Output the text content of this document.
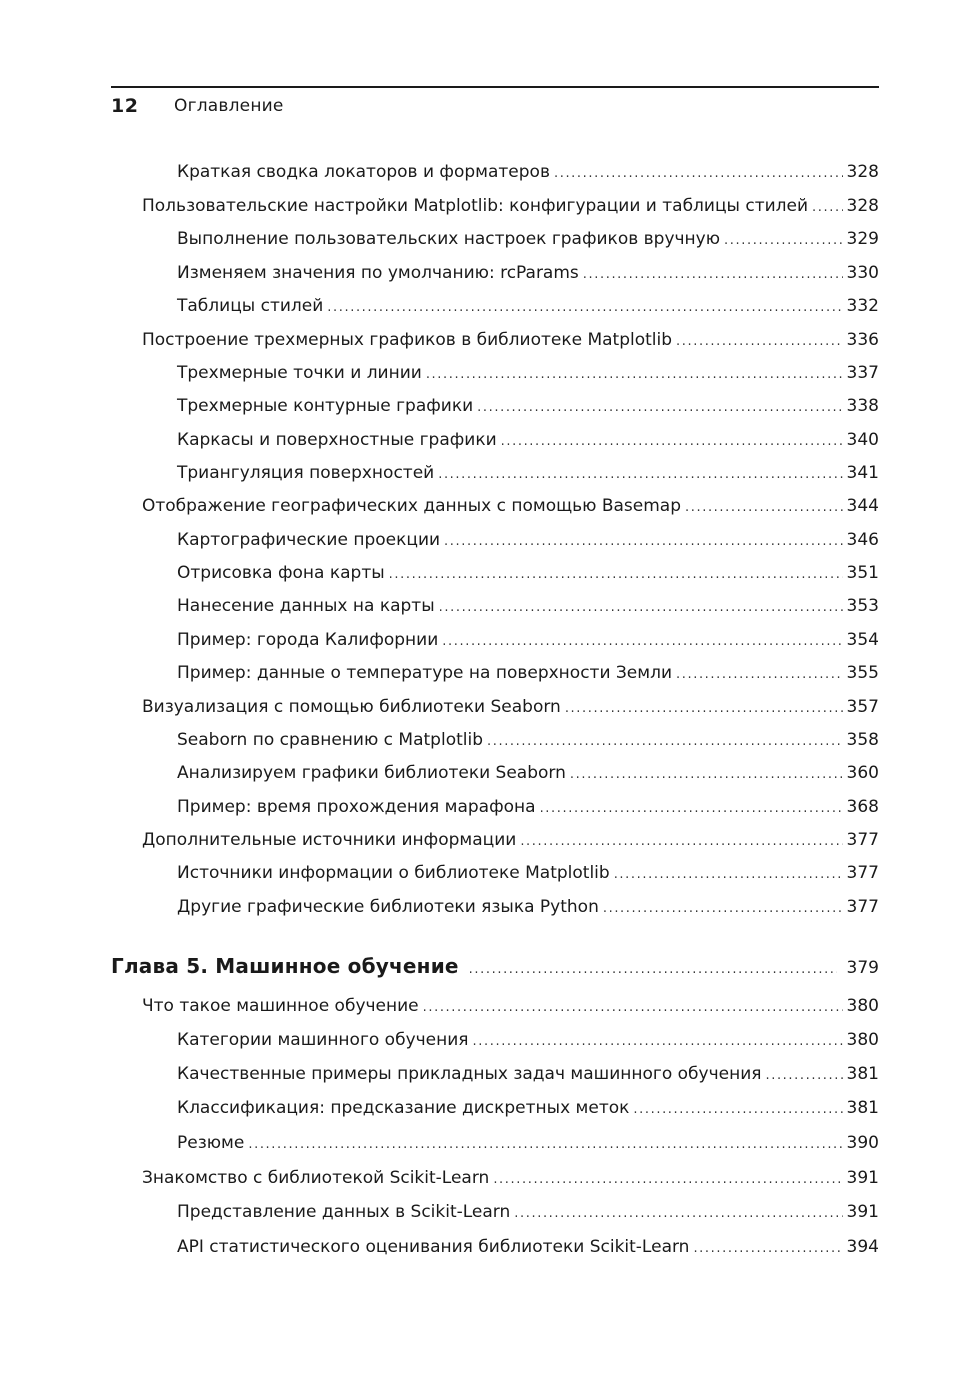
12 Оглавление
Краткая сводка локаторов и форматеров .....	328
Пользовательские настройки Matplotlib: конфигурации и таблицы стилей ..... 328
Выполнение пользовательских настроек графиков вручную .....	329
Изменяем значения по умолчанию: rcParams .....	330
Таблицы стилей .....	332
Построение трехмерных графиков в библиотеке Matplotlib .....	336
Трехмерные точки и линии .....	337
Трехмерные контурные графики .....	338
Каркасы и поверхностные графики .....	340
Триангуляция поверхностей .....	341
Отображение географических данных с помощью Basemap .....	344
Картографические проекции .....	346
Отрисовка фона карты .....	351
Нанесение данных на карты .....	353
Пример: города Калифорнии .....	354
Пример: данные о температуре на поверхности Земли .....	355
Визуализация с помощью библиотеки Seaborn .....	357
Seaborn по сравнению с Matplotlib .....	358
Анализируем графики библиотеки Seaborn .....	360
Пример: время прохождения марафона .....	368
Дополнительные источники информации .....	377
Источники информации о библиотеке Matplotlib .....	377
Другие графические библиотеки языка Python .....	377
Глава 5. Машинное обучение .....	379
Что такое машинное обучение .....	380
Категории машинного обучения .....	380
Качественные примеры прикладных задач машинного обучения .....	381
Классификация: предсказание дискретных меток .....	381
Резюме .....	390
Знакомство с библиотекой Scikit-Learn .....	391
Представление данных в Scikit-Learn .....	391
API статистического оценивания библиотеки Scikit-Learn .....	394
